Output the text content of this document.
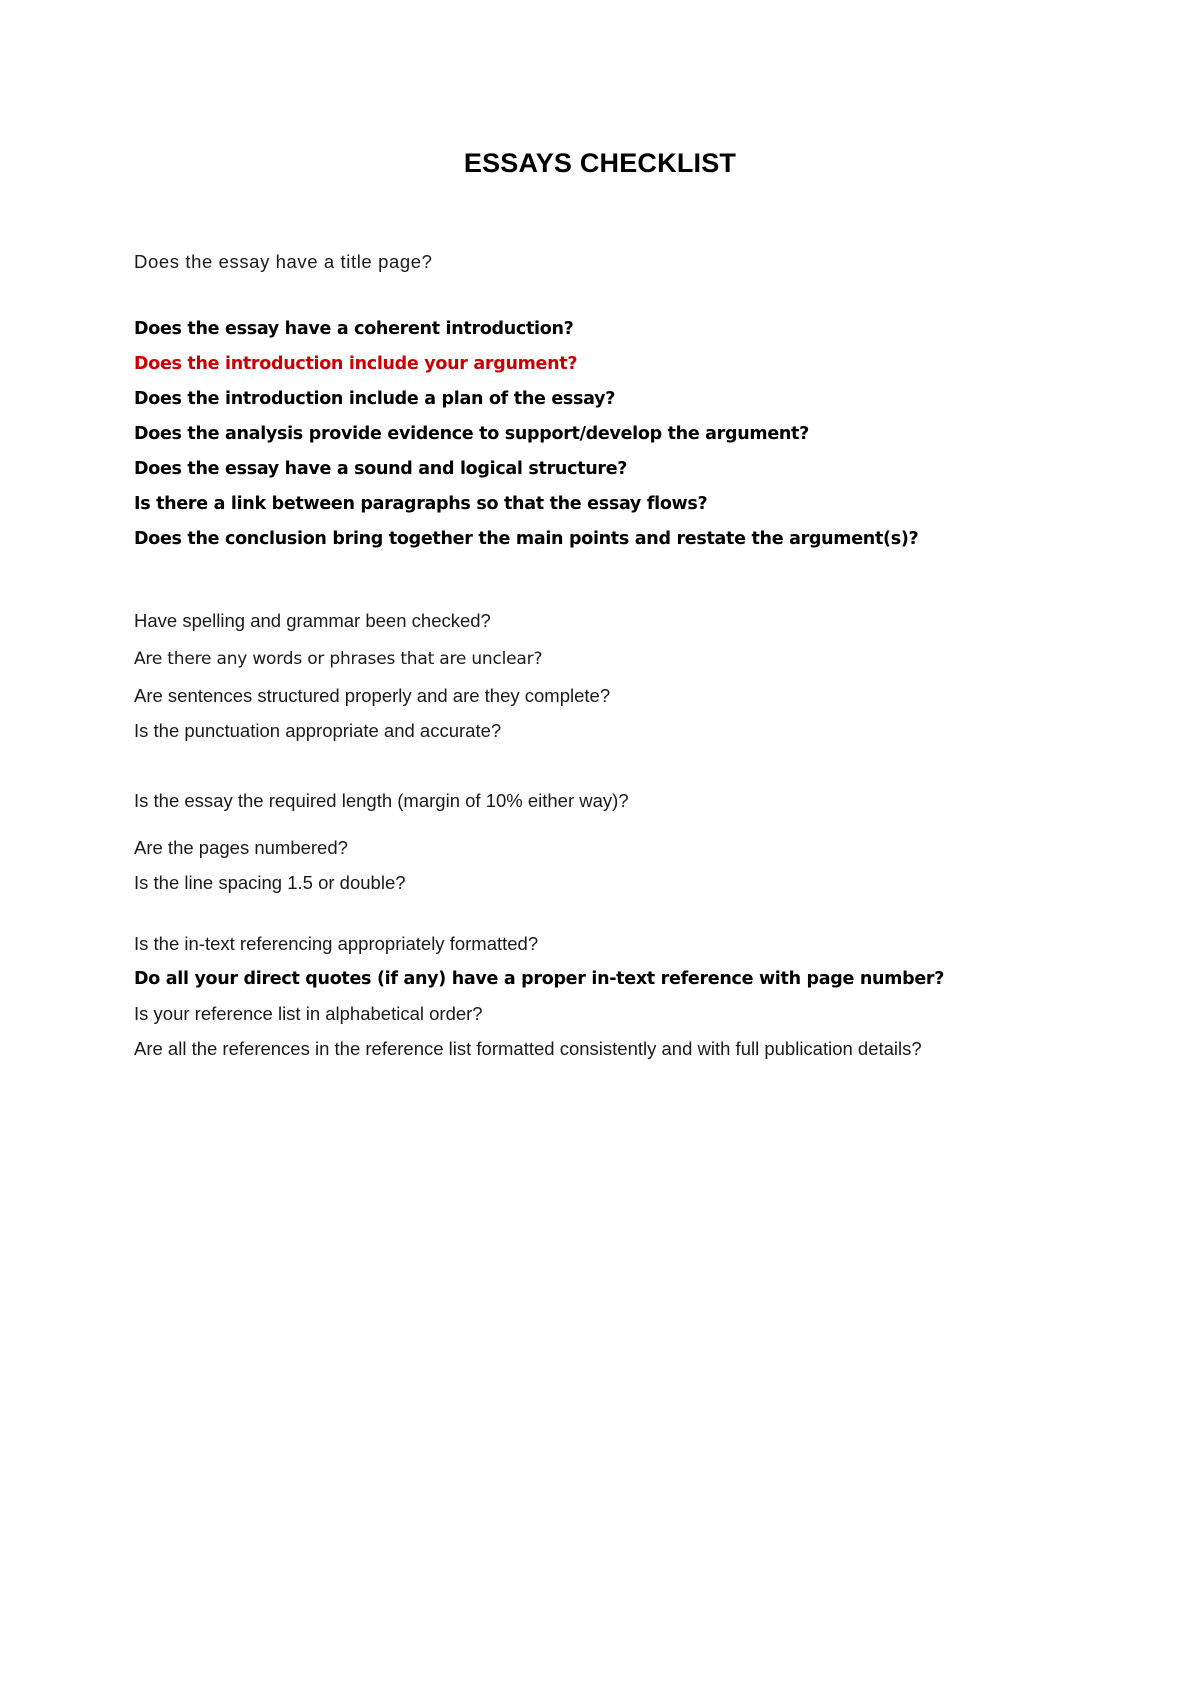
ESSAYS CHECKLIST
Does the essay have a title page?
Does the essay have a coherent introduction?
Does the introduction include your argument?
Does the introduction include a plan of the essay?
Does the analysis provide evidence to support/develop the argument?
Does the essay have a sound and logical structure?
Is there a link between paragraphs so that the essay flows?
Does the conclusion bring together the main points and restate the argument(s)?
Have spelling and grammar been checked?
Are there any words or phrases that are unclear?
Are sentences structured properly and are they complete?
Is the punctuation appropriate and accurate?
Is the essay the required length (margin of 10% either way)?
Are the pages numbered?
Is the line spacing 1.5 or double?
Is the in-text referencing appropriately formatted?
Do all your direct quotes (if any) have a proper in-text reference with page number?
Is your reference list in alphabetical order?
Are all the references in the reference list formatted consistently and with full publication details?
